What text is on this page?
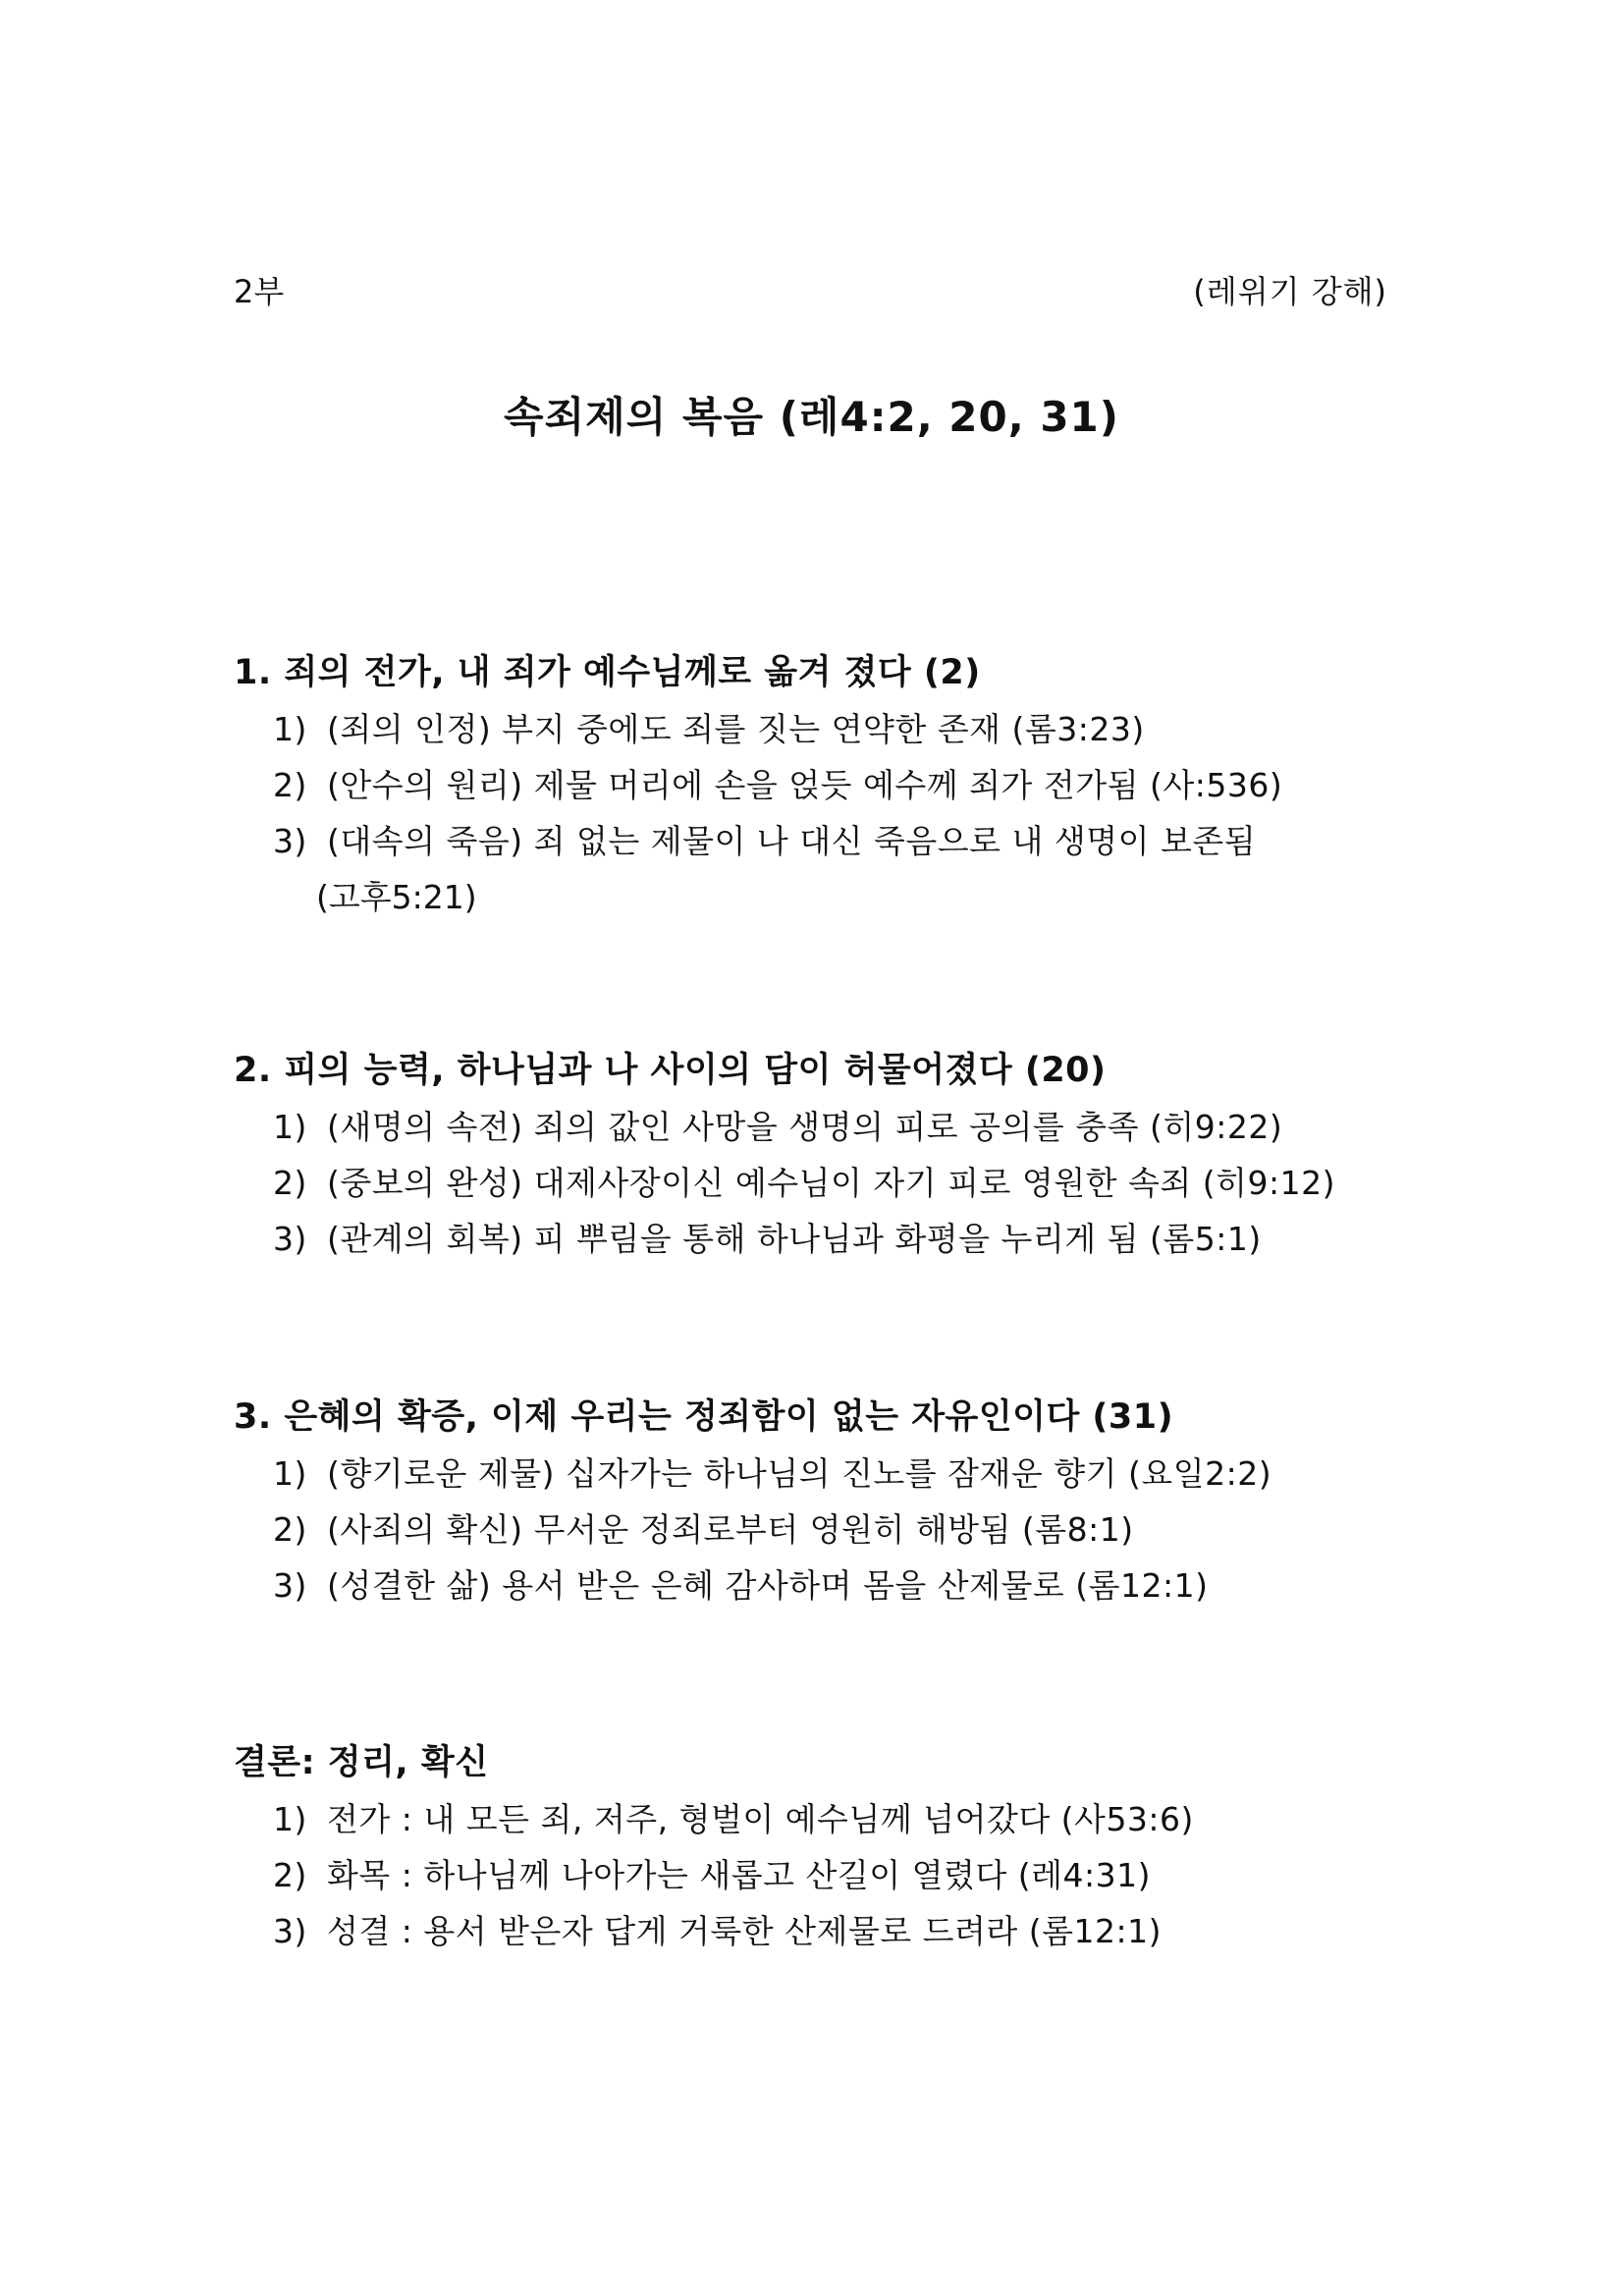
2부	(레위기 강해)
속죄제의 복음 (레4:2, 20, 31)
1. 죄의 전가, 내 죄가 예수님께로 옮겨 졌다 (2)
1) (죄의 인정) 부지 중에도 죄를 짓는 연약한 존재 (롬3:23)
2) (안수의 원리) 제물 머리에 손을 얹듯 예수께 죄가 전가됨 (사:536)
3) (대속의 죽음) 죄 없는 제물이 나 대신 죽음으로 내 생명이 보존됨
(고후5:21)
2. 피의 능력, 하나님과 나 사이의 담이 허물어졌다 (20)
1) (새명의 속전) 죄의 값인 사망을 생명의 피로 공의를 충족 (히9:22)
2) (중보의 완성) 대제사장이신 예수님이 자기 피로 영원한 속죄 (히9:12)
3) (관계의 회복) 피 뿌림을 통해 하나님과 화평을 누리게 됨 (롬5:1)
3. 은혜의 확증, 이제 우리는 정죄함이 없는 자유인이다 (31)
1) (향기로운 제물) 십자가는 하나님의 진노를 잠재운 향기 (요일2:2)
2) (사죄의 확신) 무서운 정죄로부터 영원히 해방됨 (롬8:1)
3) (성결한 삶) 용서 받은 은혜 감사하며 몸을 산제물로 (롬12:1)
결론: 정리, 확신
1) 전가 : 내 모든 죄, 저주, 형벌이 예수님께 넘어갔다 (사53:6)
2) 화목 : 하나님께 나아가는 새롭고 산길이 열렸다 (레4:31)
3) 성결 : 용서 받은자 답게 거룩한 산제물로 드려라 (롬12:1)
